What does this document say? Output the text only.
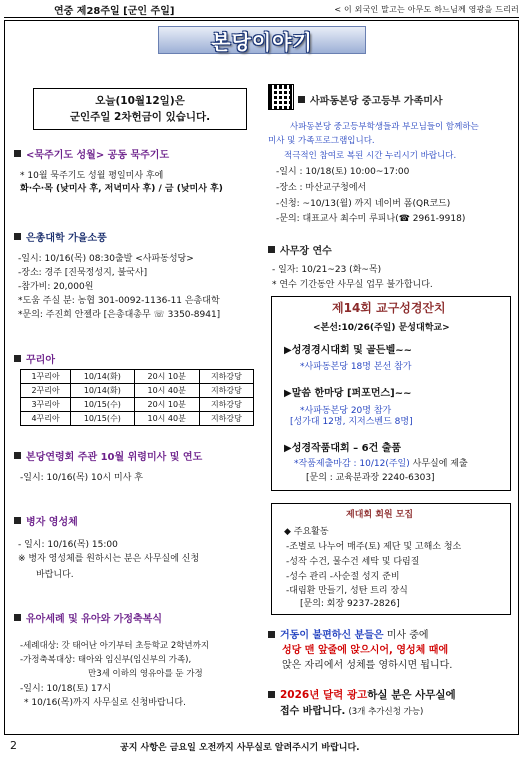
연중 제28주일 [군인 주일]	< 이 외국인 말고는 아무도 하느님께 영광을 드리러
본당이야기
오늘(10월12일)은
군인주일 2차헌금이 있습니다.
<묵주기도 성월> 공동 묵주기도
* 10월 묵주기도 성월 평일미사 후에
화·수·목 (낮미사 후, 저녁미사 후) / 금 (낮미사 후)
은총대학 가을소풍
-일시: 10/16(목) 08:30출발 <사파동성당>
-장소: 경주 [진묵정성지, 불국사]
-참가비: 20,000원
*도움 주실 분: 농협 301-0092-1136-11 은총대학
*문의: 주진희 안젤라 [은총대총무 ☏ 3350-8941]
꾸리아
1꾸리아	10/14(화)	20시 10분	지하강당
2꾸리아	10/14(화)	10시 40분	지하강당
3꾸리아	10/15(수)	20시 10분	지하강당
4꾸리아	10/15(수)	10시 40분	지하강당
본당연령회 주관 10월 위령미사 및 연도
-일시: 10/16(목) 10시 미사 후
병자 영성체
- 일시: 10/16(목) 15:00
※ 병자 영성체를 원하시는 분은 사무실에 신청
바랍니다.
유아세례 및 유아와 가정축복식
-세례대상: 갓 태어난 아기부터 초등학교 2학년까지
-가정축복대상: 태아와 임신부(임신부의 가족),
만3세 이하의 영유아를 둔 가정
-일시: 10/18(토) 17시
* 10/16(목)까지 사무실로 신청바랍니다.
사파동본당 중고등부 가족미사
사파동본당 중고등부학생들과 부모님들이 함께하는
미사 및 가족프로그램입니다.
적극적인 참여로 복된 시간 누리시기 바랍니다.
-일시 : 10/18(토) 10:00~17:00
-장소 : 마산교구청에서
-신청: ~10/13(월) 까지 네이버 폼(QR코드)
-문의: 대표교사 최수미 루피나(☎ 2961-9918)
사무장 연수
- 일자: 10/21~23 (화~목)
* 연수 기간동안 사무실 업무 불가합니다.
제14회 교구성경잔치
<본선:10/26(주일) 문성대학교>
▶성경경시대회 및 골든벨~~
*사파동본당 18명 본선 참가
▶말씀 한마당 [퍼포먼스]~~
*사파동본당 20명 참가
[성가대 12명, 지저스벤드 8명]
▶성경작품대회 – 6건 출품
*작품제출마감 : 10/12(주일) 사무실에 제출
[문의 : 교육분과장 2240-6303]
제대회 회원 모집
◆ 주요활동
-조별로 나누어 매주(토) 제단 및 고해소 청소
-성작 수건, 물수건 세탁 및 다림질
-성수 관리 -사순절 성지 준비
-대림환 만들기, 성탄 트리 장식
[문의: 회장 9237-2826]
거동이 불편하신 분들은 미사 중에
성당 맨 앞줄에 앉으시어, 영성체 때에
앉은 자리에서 성체를 영하시면 됩니다.
2026년 달력 광고하실 분은 사무실에
접수 바랍니다. (3개 추가신청 가능)
2	공지 사항은 금요일 오전까지 사무실로 알려주시기 바랍니다.
